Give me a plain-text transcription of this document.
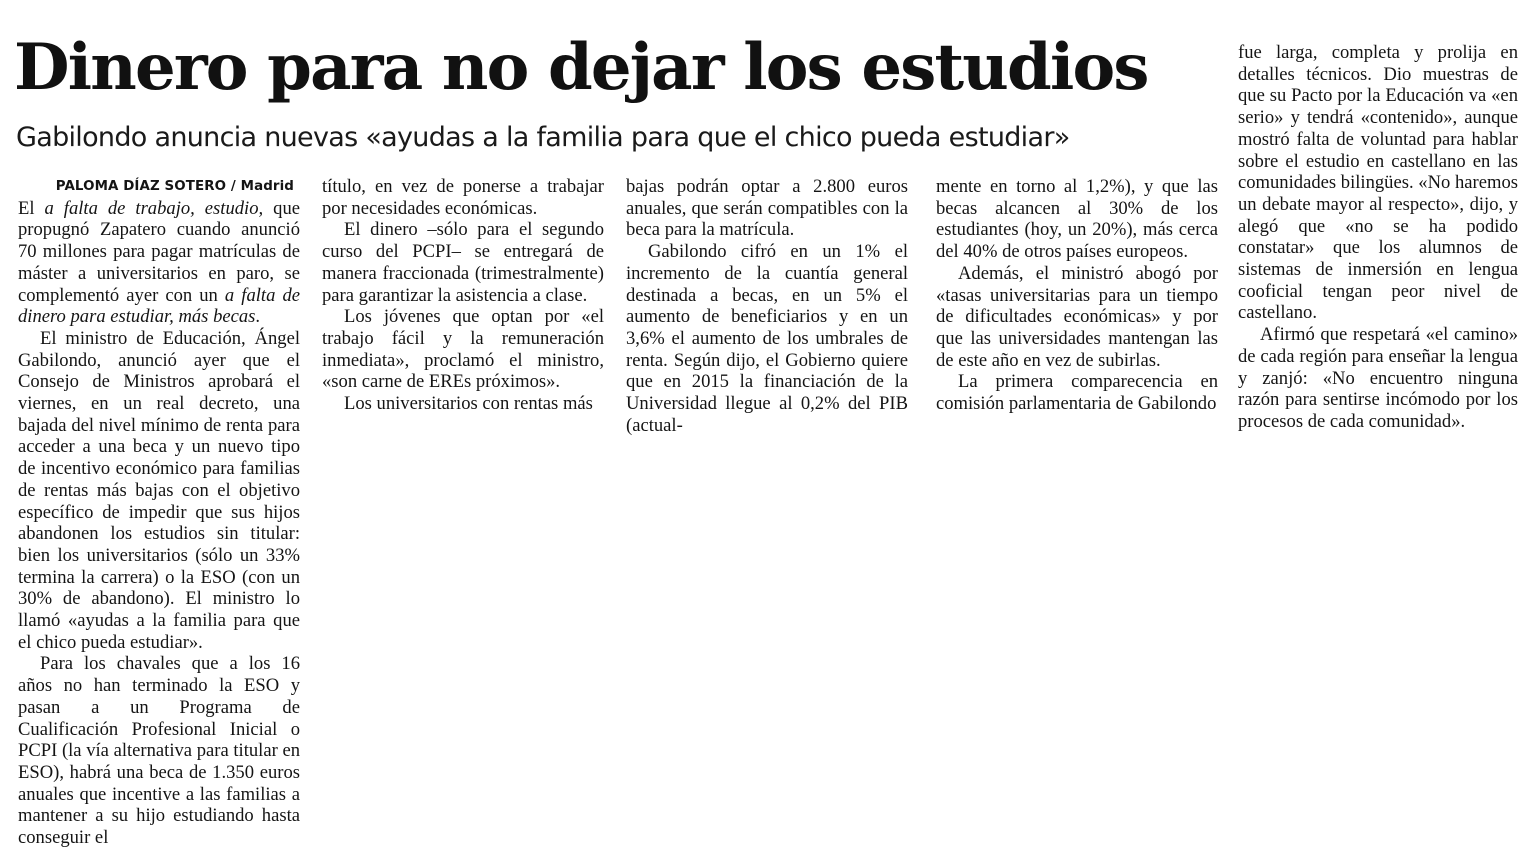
Dinero para no dejar los estudios
Gabilondo anuncia nuevas «ayudas a la familia para que el chico pueda estudiar»

PALOMA DÍAZ SOTERO / Madrid

El a falta de trabajo, estudio, que propugnó Zapatero cuando anunció 70 millones para pagar matrículas de máster a universitarios en paro, se complementó ayer con un a falta de dinero para estudiar, más becas.

El ministro de Educación, Ángel Gabilondo, anunció ayer que el Consejo de Ministros aprobará el viernes, en un real decreto, una bajada del nivel mínimo de renta para acceder a una beca y un nuevo tipo de incentivo económico para familias de rentas más bajas con el objetivo específico de impedir que sus hijos abandonen los estudios sin titular: bien los universitarios (sólo un 33% termina la carrera) o la ESO (con un 30% de abandono). El ministro lo llamó «ayudas a la familia para que el chico pueda estudiar».

Para los chavales que a los 16 años no han terminado la ESO y pasan a un Programa de Cualificación Profesional Inicial o PCPI (la vía alternativa para titular en ESO), habrá una beca de 1.350 euros anuales que incentive a las familias a mantener a su hijo estudiando hasta conseguir el

título, en vez de ponerse a trabajar por necesidades económicas.

El dinero –sólo para el segundo curso del PCPI– se entregará de manera fraccionada (trimestralmente) para garantizar la asistencia a clase.

Los jóvenes que optan por «el trabajo fácil y la remuneración inmediata», proclamó el ministro, «son carne de EREs próximos».

Los universitarios con rentas más

bajas podrán optar a 2.800 euros anuales, que serán compatibles con la beca para la matrícula.

Gabilondo cifró en un 1% el incremento de la cuantía general destinada a becas, en un 5% el aumento de beneficiarios y en un 3,6% el aumento de los umbrales de renta. Según dijo, el Gobierno quiere que en 2015 la financiación de la Universidad llegue al 0,2% del PIB (actual-

mente en torno al 1,2%), y que las becas alcancen al 30% de los estudiantes (hoy, un 20%), más cerca del 40% de otros países europeos.

Además, el ministró abogó por «tasas universitarias para un tiempo de dificultades económicas» y por que las universidades mantengan las de este año en vez de subirlas.

La primera comparecencia en comisión parlamentaria de Gabilondo

fue larga, completa y prolija en detalles técnicos. Dio muestras de que su Pacto por la Educación va «en serio» y tendrá «contenido», aunque mostró falta de voluntad para hablar sobre el estudio en castellano en las comunidades bilingües. «No haremos un debate mayor al respecto», dijo, y alegó que «no se ha podido constatar» que los alumnos de sistemas de inmersión en lengua cooficial tengan peor nivel de castellano.

Afirmó que respetará «el camino» de cada región para enseñar la lengua y zanjó: «No encuentro ninguna razón para sentirse incómodo por los procesos de cada comunidad».
